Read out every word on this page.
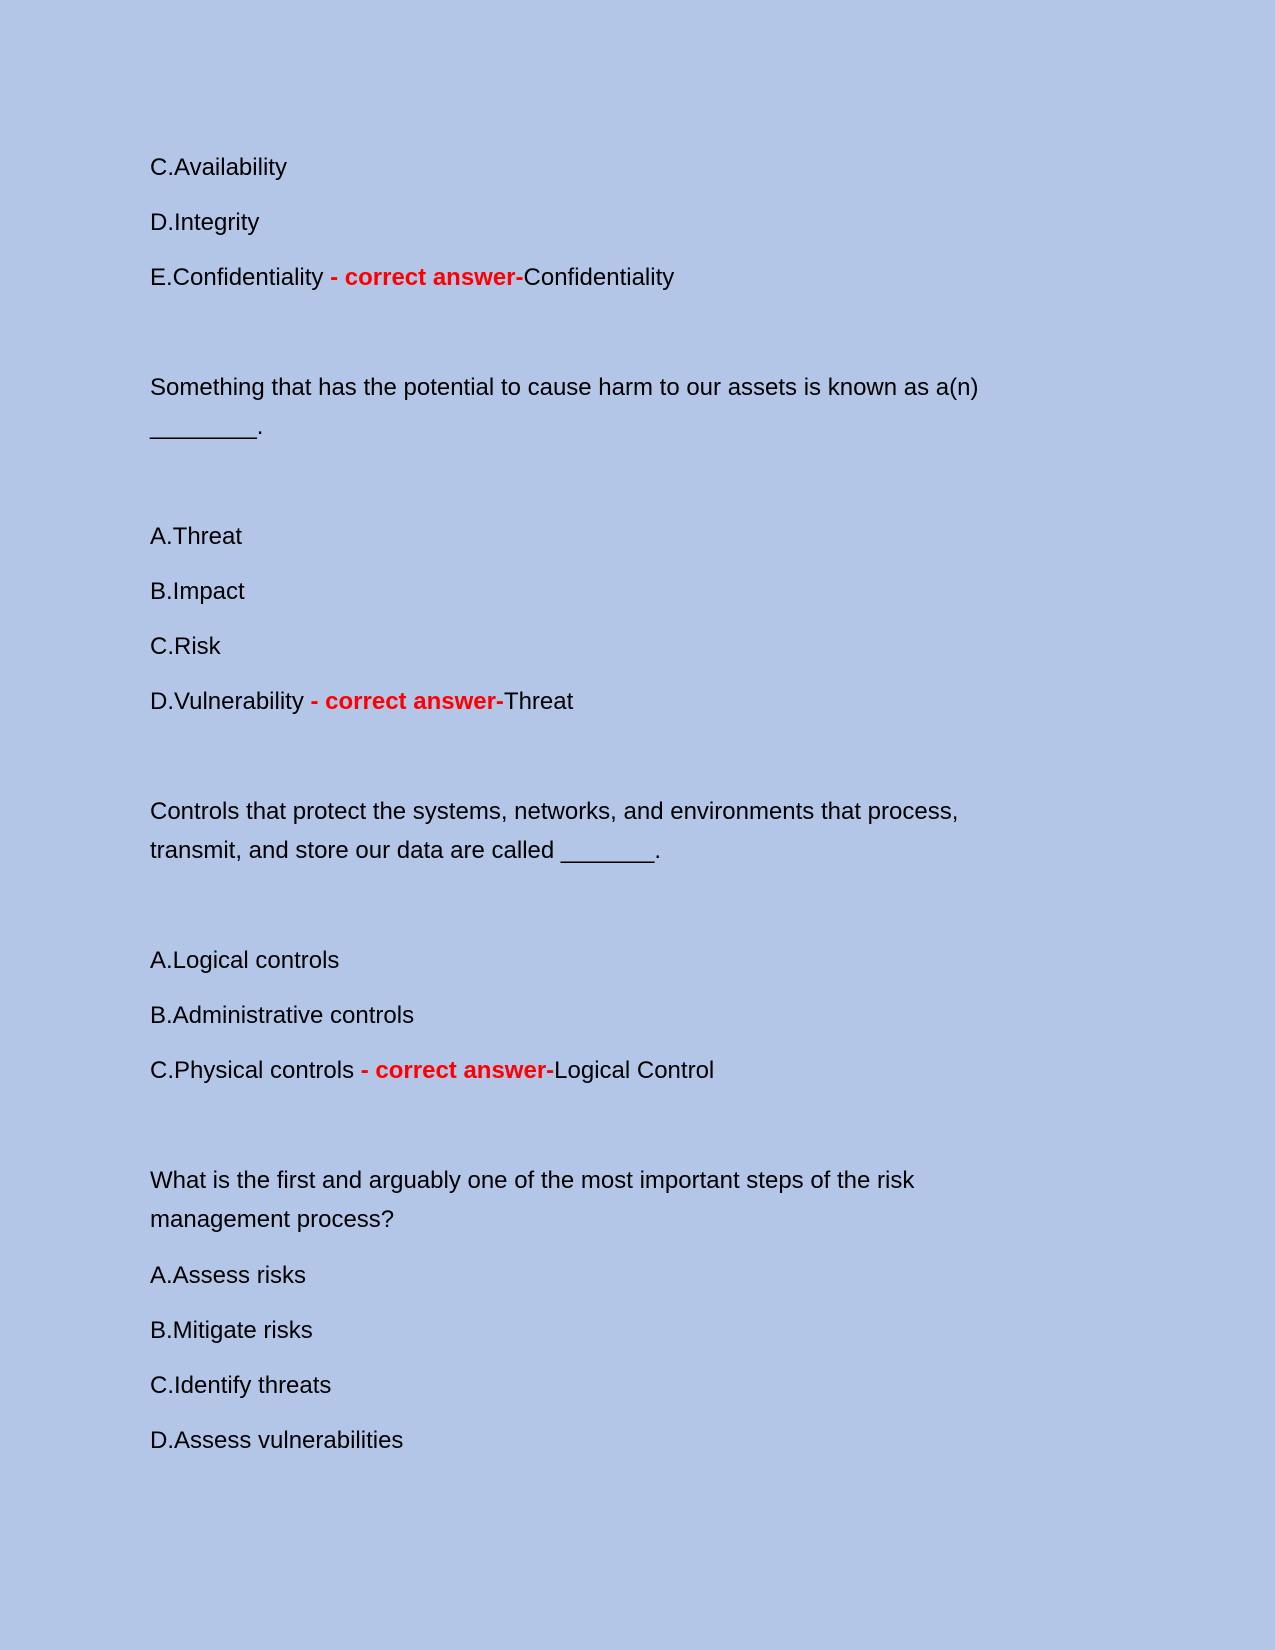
C.Availability
D.Integrity
E.Confidentiality - correct answer-Confidentiality
Something that has the potential to cause harm to our assets is known as a(n)
________.
A.Threat
B.Impact
C.Risk
D.Vulnerability - correct answer-Threat
Controls that protect the systems, networks, and environments that process,
transmit, and store our data are called _______.
A.Logical controls
B.Administrative controls
C.Physical controls - correct answer-Logical Control
What is the first and arguably one of the most important steps of the risk
management process?
A.Assess risks
B.Mitigate risks
C.Identify threats
D.Assess vulnerabilities
